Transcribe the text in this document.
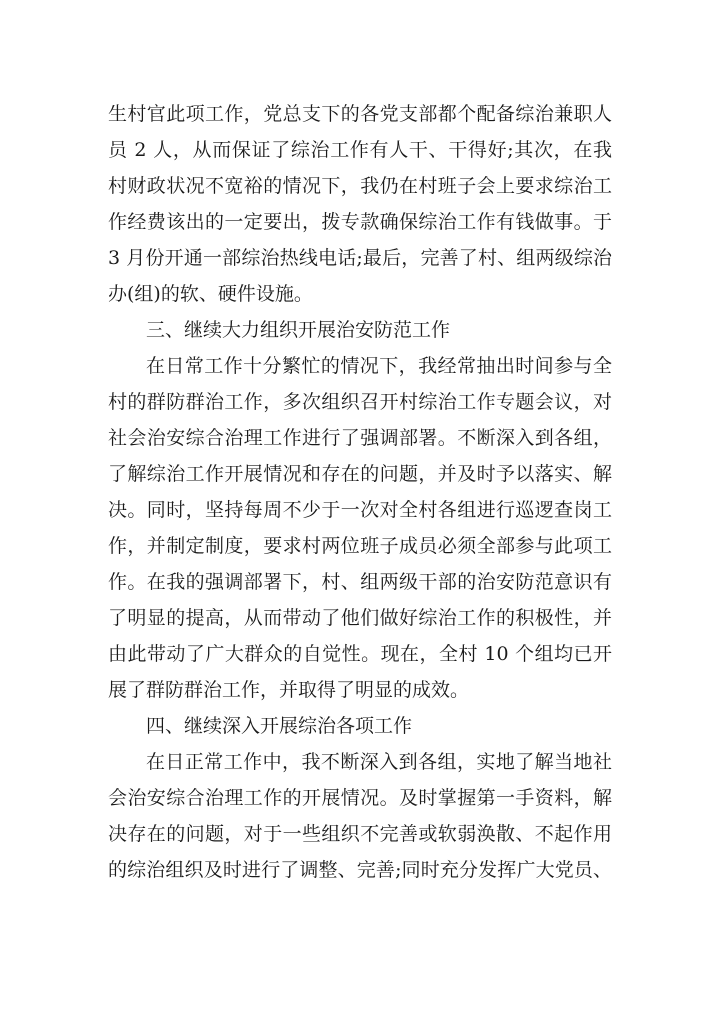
生村官此项工作，党总支下的各党支部都个配备综治兼职人
员 2 人，从而保证了综治工作有人干、干得好;其次，在我
村财政状况不宽裕的情况下，我仍在村班子会上要求综治工
作经费该出的一定要出，拨专款确保综治工作有钱做事。于
3 月份开通一部综治热线电话;最后，完善了村、组两级综治
办(组)的软、硬件设施。
三、继续大力组织开展治安防范工作
在日常工作十分繁忙的情况下，我经常抽出时间参与全
村的群防群治工作，多次组织召开村综治工作专题会议，对
社会治安综合治理工作进行了强调部署。不断深入到各组，
了解综治工作开展情况和存在的问题，并及时予以落实、解
决。同时，坚持每周不少于一次对全村各组进行巡逻查岗工
作，并制定制度，要求村两位班子成员必须全部参与此项工
作。在我的强调部署下，村、组两级干部的治安防范意识有
了明显的提高，从而带动了他们做好综治工作的积极性，并
由此带动了广大群众的自觉性。现在，全村 10 个组均已开
展了群防群治工作，并取得了明显的成效。
四、继续深入开展综治各项工作
在日正常工作中，我不断深入到各组，实地了解当地社
会治安综合治理工作的开展情况。及时掌握第一手资料，解
决存在的问题，对于一些组织不完善或软弱涣散、不起作用
的综治组织及时进行了调整、完善;同时充分发挥广大党员、
